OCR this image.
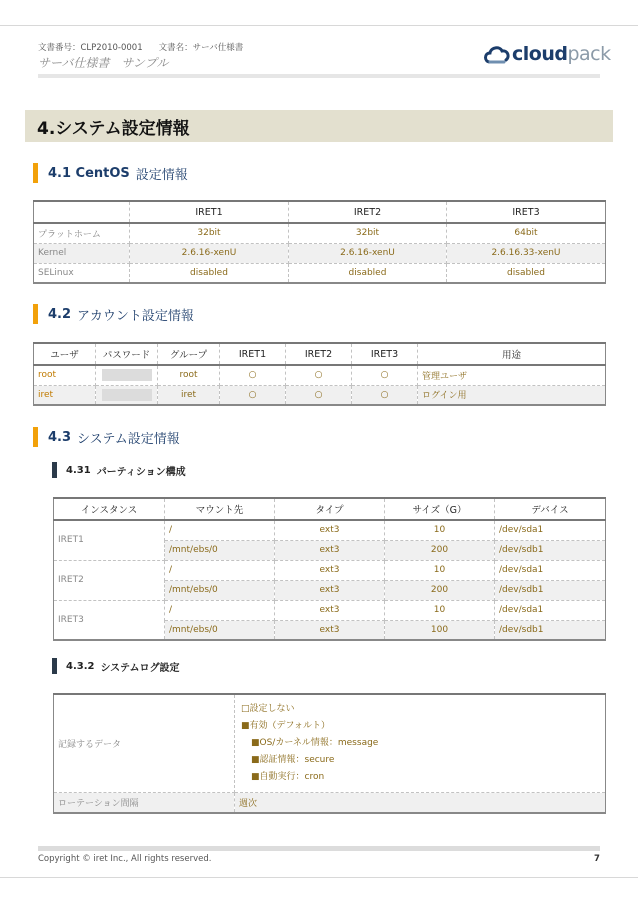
文書番号：CLP2010-0001 文書名：サーバ仕様書
サーバ仕様書　サンプル	cloudpack
4.システム設定情報
4.1 CentOS 設定情報
	IRET1	IRET2	IRET3
プラットホーム	32bit	32bit	64bit
Kernel	2.6.16-xenU	2.6.16-xenU	2.6.16.33-xenU
SELinux	disabled	disabled	disabled
4.2 アカウント設定情報
ユーザ	パスワード	グループ	IRET1	IRET2	IRET3	用途
root		root	○	○	○	管理ユーザ
iret		iret	○	○	○	ログイン用
4.3 システム設定情報
4.31 パーティション構成
インスタンス	マウント先	タイプ	サイズ（G）	デバイス
IRET1	/	ext3	10	/dev/sda1
	/mnt/ebs/0	ext3	200	/dev/sdb1
IRET2	/	ext3	10	/dev/sda1
	/mnt/ebs/0	ext3	200	/dev/sdb1
IRET3	/	ext3	10	/dev/sda1
	/mnt/ebs/0	ext3	100	/dev/sdb1
4.3.2 システムログ設定
記録するデータ	□設定しない
■有効（デフォルト）
■OS/カーネル情報：message
■認証情報：secure
■自動実行：cron

ローテーション間隔	週次
Copyright © iret Inc., All rights reserved.	7
